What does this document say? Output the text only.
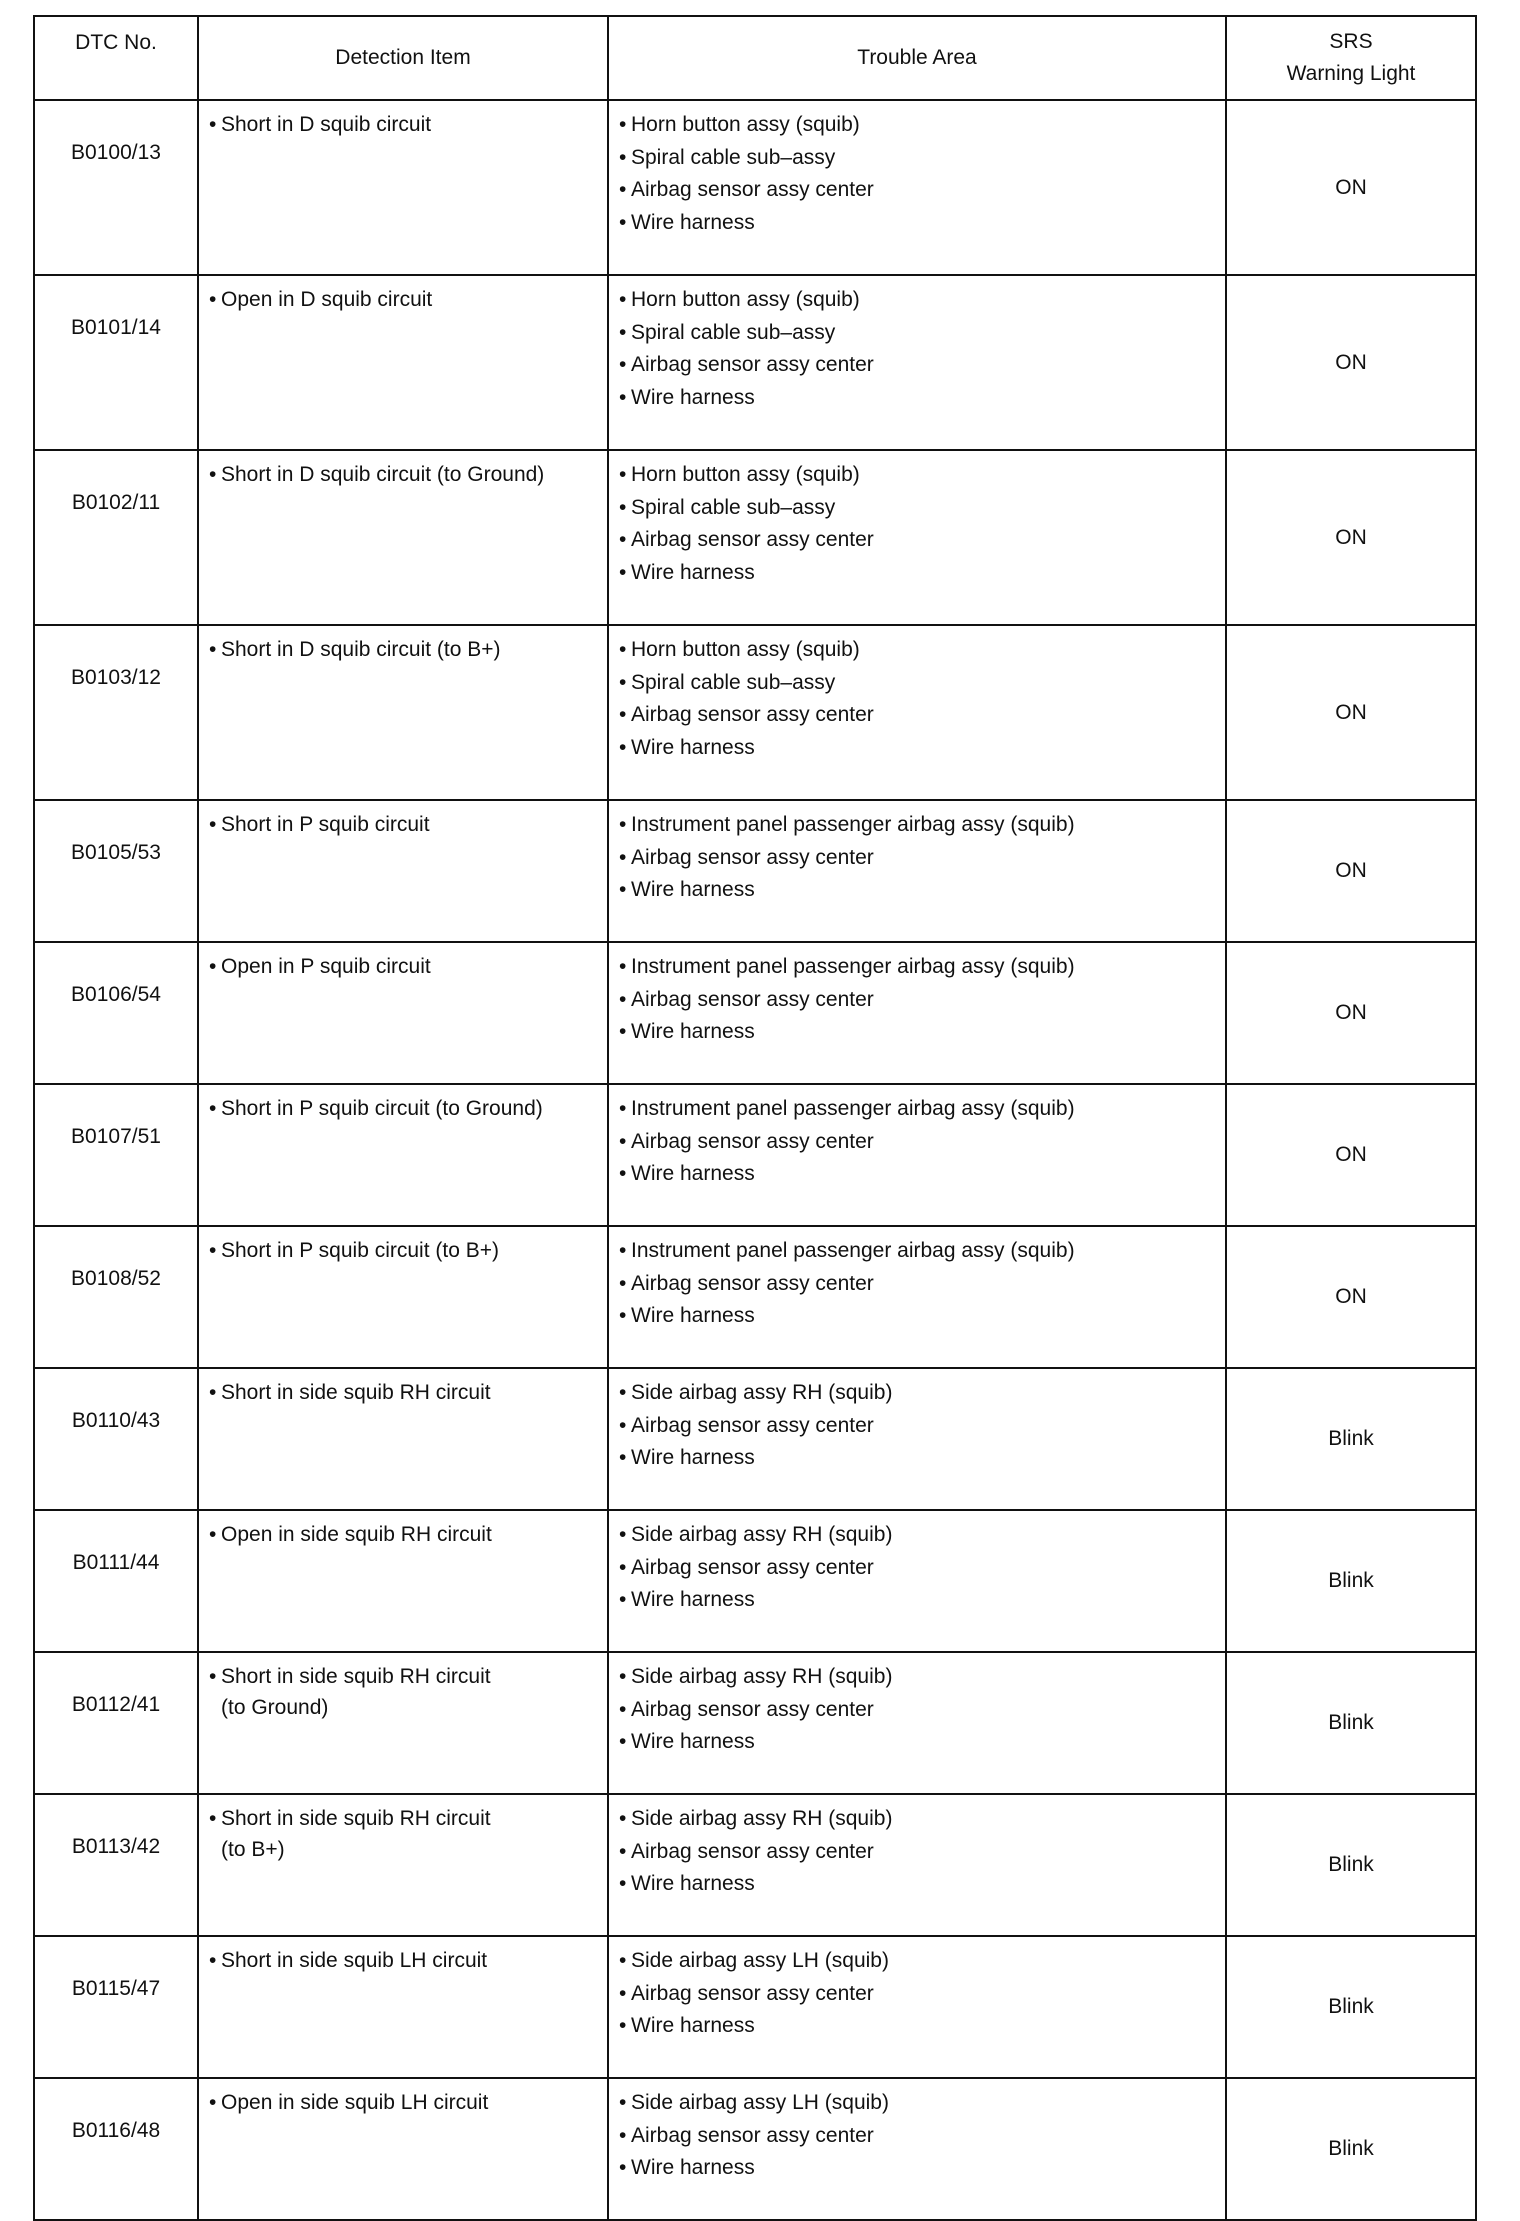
DTC No.	Detection Item	Trouble Area	SRS
Warning Light

B0100/13	• Short in D squib circuit	• Horn button assy (squib)
• Spiral cable sub–assy
• Airbag sensor assy center
• Wire harness	ON
B0101/14	• Open in D squib circuit	• Horn button assy (squib)
• Spiral cable sub–assy
• Airbag sensor assy center
• Wire harness	ON
B0102/11	• Short in D squib circuit (to Ground)	• Horn button assy (squib)
• Spiral cable sub–assy
• Airbag sensor assy center
• Wire harness	ON
B0103/12	• Short in D squib circuit (to B+)	• Horn button assy (squib)
• Spiral cable sub–assy
• Airbag sensor assy center
• Wire harness	ON
B0105/53	• Short in P squib circuit	• Instrument panel passenger airbag assy (squib)
• Airbag sensor assy center
• Wire harness	ON
B0106/54	• Open in P squib circuit	• Instrument panel passenger airbag assy (squib)
• Airbag sensor assy center
• Wire harness	ON
B0107/51	• Short in P squib circuit (to Ground)	• Instrument panel passenger airbag assy (squib)
• Airbag sensor assy center
• Wire harness	ON
B0108/52	• Short in P squib circuit (to B+)	• Instrument panel passenger airbag assy (squib)
• Airbag sensor assy center
• Wire harness	ON
B0110/43	• Short in side squib RH circuit	• Side airbag assy RH (squib)
• Airbag sensor assy center
• Wire harness	Blink
B0111/44	• Open in side squib RH circuit	• Side airbag assy RH (squib)
• Airbag sensor assy center
• Wire harness	Blink
B0112/41	• Short in side squib RH circuit
(to Ground)	• Side airbag assy RH (squib)
• Airbag sensor assy center
• Wire harness	Blink
B0113/42	• Short in side squib RH circuit
(to B+)	• Side airbag assy RH (squib)
• Airbag sensor assy center
• Wire harness	Blink
B0115/47	• Short in side squib LH circuit	• Side airbag assy LH (squib)
• Airbag sensor assy center
• Wire harness	Blink
B0116/48	• Open in side squib LH circuit	• Side airbag assy LH (squib)
• Airbag sensor assy center
• Wire harness	Blink
